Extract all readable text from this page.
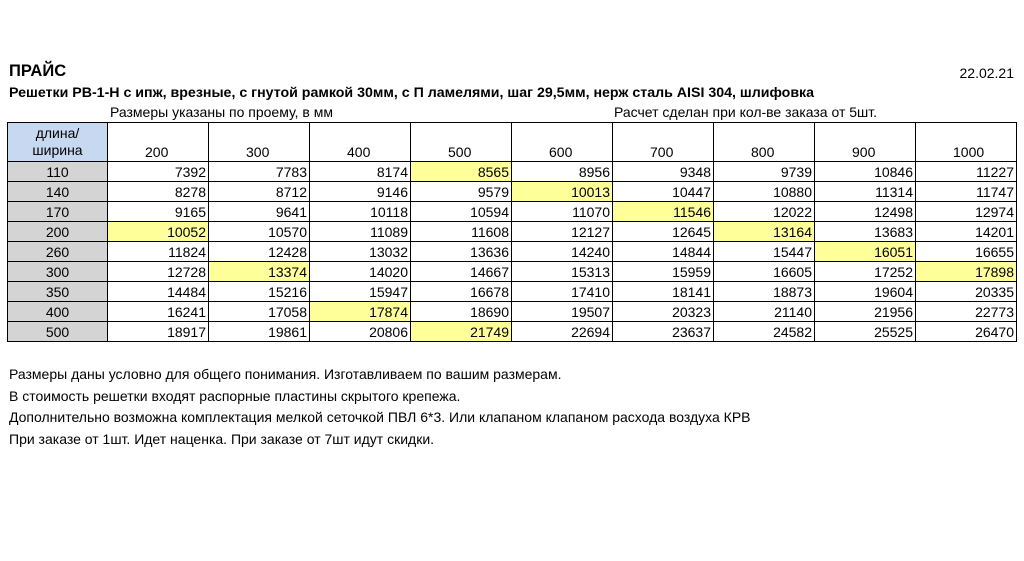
ПРАЙС	22.02.21
Решетки РВ-1-Н с ипж, врезные, с гнутой рамкой 30мм, с П ламелями, шаг 29,5мм, нерж сталь AISI 304, шлифовка
Размеры указаны по проему, в мм	Расчет сделан при кол-ве заказа от 5шт.
длина/
ширина	200	300	400	500	600	700	800	900	1000
110	7392	7783	8174	8565	8956	9348	9739	10846	11227
140	8278	8712	9146	9579	10013	10447	10880	11314	11747
170	9165	9641	10118	10594	11070	11546	12022	12498	12974
200	10052	10570	11089	11608	12127	12645	13164	13683	14201
260	11824	12428	13032	13636	14240	14844	15447	16051	16655
300	12728	13374	14020	14667	15313	15959	16605	17252	17898
350	14484	15216	15947	16678	17410	18141	18873	19604	20335
400	16241	17058	17874	18690	19507	20323	21140	21956	22773
500	18917	19861	20806	21749	22694	23637	24582	25525	26470
Размеры даны условно для общего понимания. Изготавливаем по вашим размерам.
В стоимость решетки входят распорные пластины скрытого крепежа.
Дополнительно возможна комплектация мелкой сеточкой ПВЛ 6*3. Или клапаном клапаном расхода воздуха КРВ
При заказе от 1шт. Идет наценка. При заказе от 7шт идут скидки.
